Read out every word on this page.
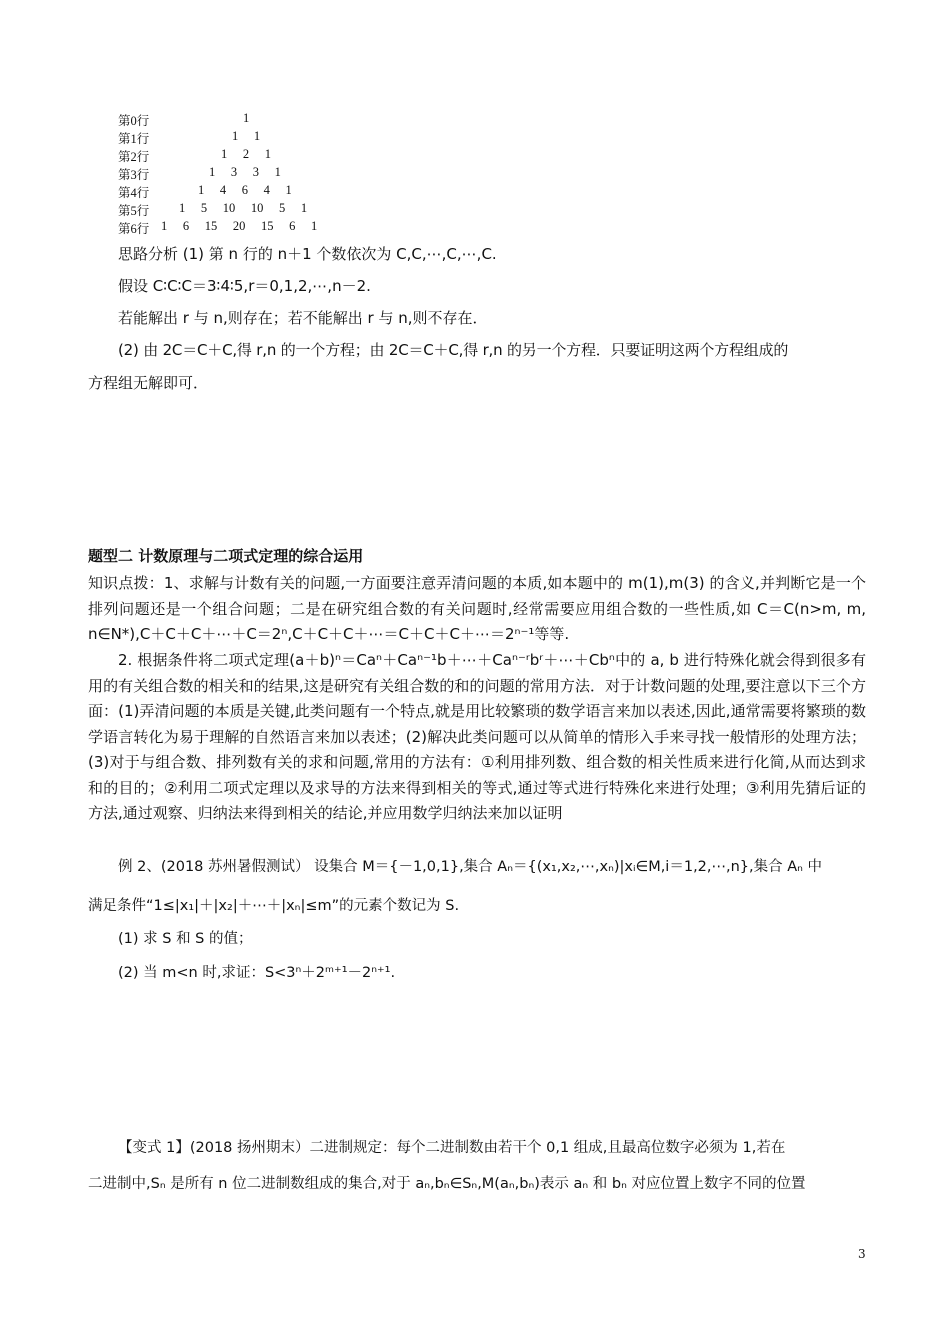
第0行	1
第1行	1     1
第2行	1     2     1
第3行	1     3     3     1
第4行	1     4     6     4     1
第5行 1     5     10     10     5     1
第6行 1     6     15     20     15     6     1
思路分析 (1) 第 n 行的 n＋1 个数依次为 C,C,⋯,C,⋯,C.
假设 C∶C∶C＝3∶4∶5,r＝0,1,2,⋯,n－2.
若能解出 r 与 n,则存在；若不能解出 r 与 n,则不存在．
(2) 由 2C＝C＋C,得 r,n 的一个方程；由 2C＝C＋C,得 r,n 的另一个方程．只要证明这两个方程组成的
方程组无解即可．
题型二 计数原理与二项式定理的综合运用
知识点拨：1、求解与计数有关的问题,一方面要注意弄清问题的本质,如本题中的 m(1),m(3) 的含义,并判断它是一个排列问题还是一个组合问题；二是在研究组合数的有关问题时,经常需要应用组合数的一些性质,如 C＝C(n>m, m, n∈N*),C＋C＋C＋⋯＋C＝2ⁿ,C＋C＋C＋⋯＝C＋C＋C＋⋯＝2ⁿ⁻¹等等.
2. 根据条件将二项式定理(a＋b)ⁿ＝Caⁿ＋Caⁿ⁻¹b＋⋯＋Caⁿ⁻ʳbʳ＋⋯＋Cbⁿ中的 a, b 进行特殊化就会得到很多有用的有关组合数的相关和的结果,这是研究有关组合数的和的问题的常用方法．对于计数问题的处理,要注意以下三个方面：(1)弄清问题的本质是关键,此类问题有一个特点,就是用比较繁琐的数学语言来加以表述,因此,通常需要将繁琐的数学语言转化为易于理解的自然语言来加以表述；(2)解决此类问题可以从简单的情形入手来寻找一般情形的处理方法；(3)对于与组合数、排列数有关的求和问题,常用的方法有：①利用排列数、组合数的相关性质来进行化简,从而达到求和的目的；②利用二项式定理以及求导的方法来得到相关的等式,通过等式进行特殊化来进行处理；③利用先猜后证的方法,通过观察、归纳法来得到相关的结论,并应用数学归纳法来加以证明
例 2、(2018 苏州暑假测试） 设集合 M＝{－1,0,1},集合 Aₙ＝{(x₁,x₂,⋯,xₙ)|xᵢ∈M,i＝1,2,⋯,n},集合 Aₙ 中
满足条件“1≤|x₁|＋|x₂|＋⋯＋|xₙ|≤m”的元素个数记为 S.
(1) 求 S 和 S 的值；
(2) 当 m<n 时,求证：S<3ⁿ＋2ᵐ⁺¹－2ⁿ⁺¹.
【变式 1】(2018 扬州期末）二进制规定：每个二进制数由若干个 0,1 组成,且最高位数字必须为 1,若在
二进制中,Sₙ 是所有 n 位二进制数组成的集合,对于 aₙ,bₙ∈Sₙ,M(aₙ,bₙ)表示 aₙ 和 bₙ 对应位置上数字不同的位置
3
